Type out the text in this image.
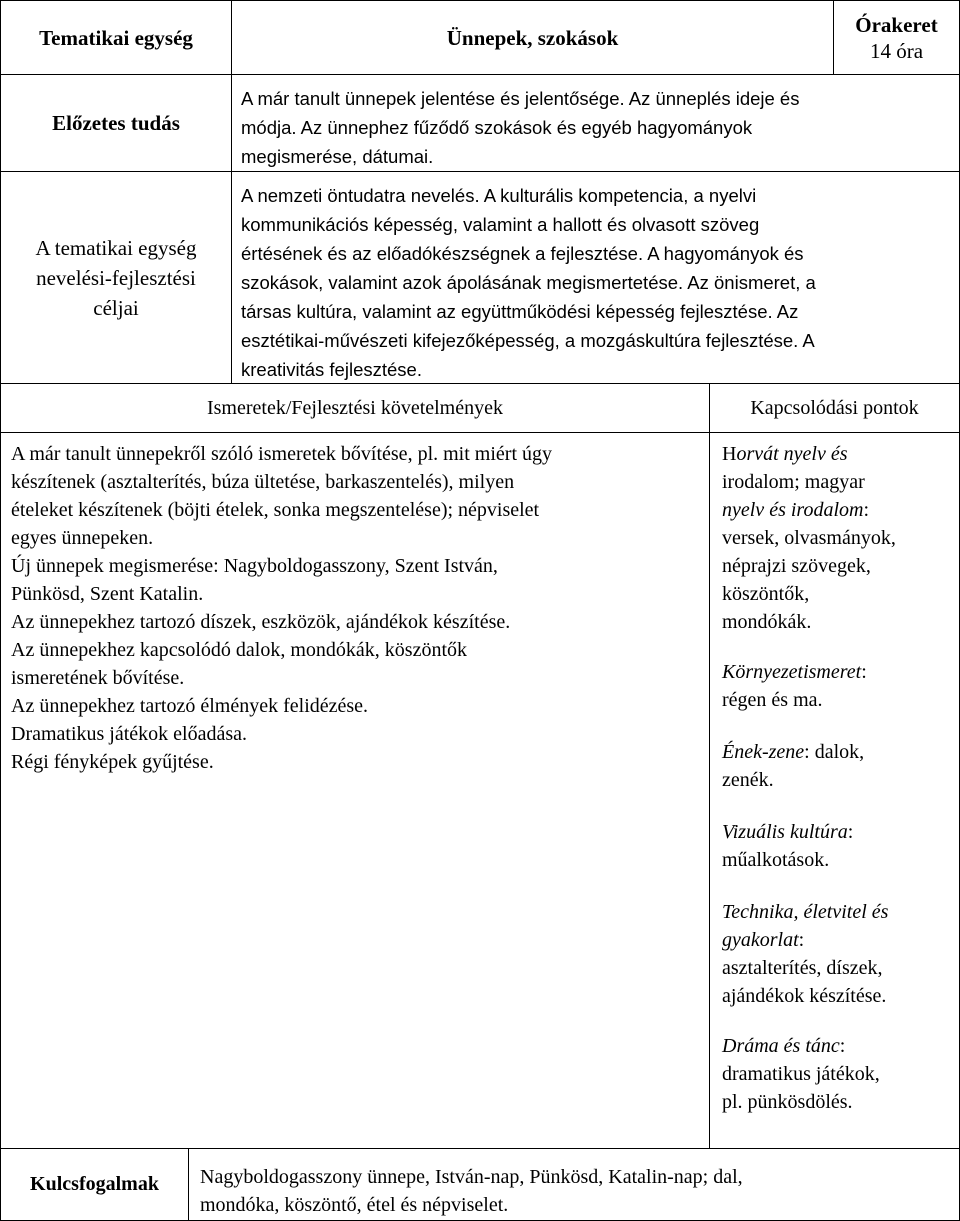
Tematikai egység	Ünnepek, szokások
Órakeret
14 óra
Előzetes tudás
A már tanult ünnepek jelentése és jelentősége. Az ünneplés ideje és
módja. Az ünnephez fűződő szokások és egyéb hagyományok
megismerése, dátumai.
A tematikai egység
nevelési-fejlesztési
céljai
A nemzeti öntudatra nevelés. A kulturális kompetencia, a nyelvi
kommunikációs képesség, valamint a hallott és olvasott szöveg
értésének és az előadókészségnek a fejlesztése. A hagyományok és
szokások, valamint azok ápolásának megismertetése. Az önismeret, a
társas kultúra, valamint az együttműködési képesség fejlesztése. Az
esztétikai-művészeti kifejezőképesség, a mozgáskultúra fejlesztése. A
kreativitás fejlesztése.
Ismeretek/Fejlesztési követelmények	Kapcsolódási pontok
A már tanult ünnepekről szóló ismeretek bővítése, pl. mit miért úgy
készítenek (asztalterítés, búza ültetése, barkaszentelés), milyen
ételeket készítenek (böjti ételek, sonka megszentelése); népviselet
egyes ünnepeken.
Új ünnepek megismerése: Nagyboldogasszony, Szent István,
Pünkösd, Szent Katalin.
Az ünnepekhez tartozó díszek, eszközök, ajándékok készítése.
Az ünnepekhez kapcsolódó dalok, mondókák, köszöntők
ismeretének bővítése.
Az ünnepekhez tartozó élmények felidézése.
Dramatikus játékok előadása.
Régi fényképek gyűjtése.
Horvát nyelv és
irodalom; magyar
nyelv és irodalom:
versek, olvasmányok,
néprajzi szövegek,
köszöntők,
mondókák.
Környezetismeret:
régen és ma.
Ének-zene: dalok,
zenék.
Vizuális kultúra:
műalkotások.
Technika, életvitel és
gyakorlat:
asztalterítés, díszek,
ajándékok készítése.
Dráma és tánc:
dramatikus játékok,
pl. pünkösdölés.
Kulcsfogalmak Nagyboldogasszony ünnepe, István-nap, Pünkösd, Katalin-nap; dal,
mondóka, köszöntő, étel és népviselet.
